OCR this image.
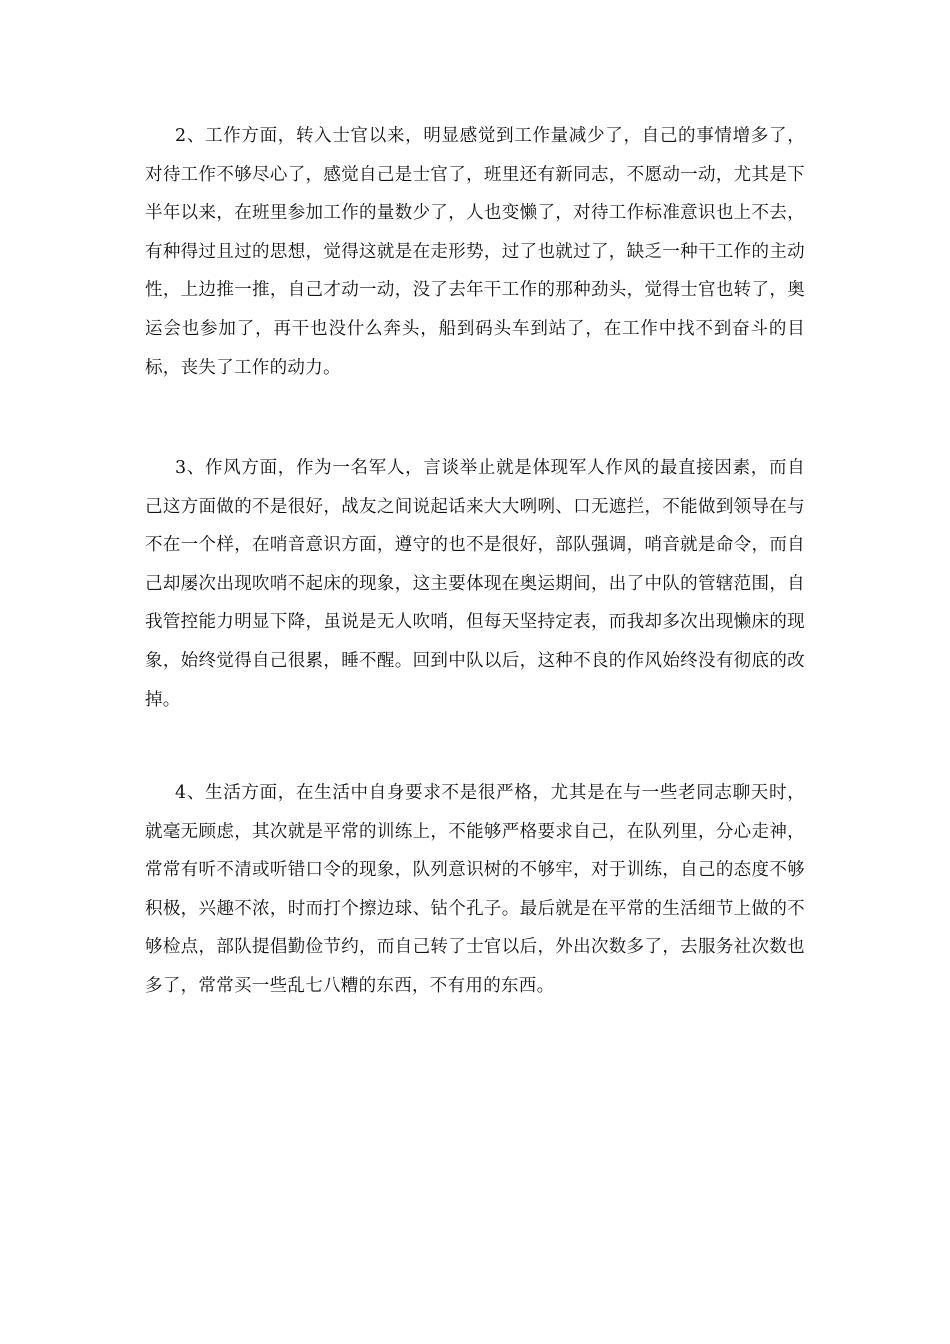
2、工作方面，转入士官以来，明显感觉到工作量减少了，自己的事情增多了，对待工作不够尽心了，感觉自己是士官了，班里还有新同志，不愿动一动，尤其是下半年以来，在班里参加工作的量数少了，人也变懒了，对待工作标准意识也上不去，有种得过且过的思想，觉得这就是在走形势，过了也就过了，缺乏一种干工作的主动性，上边推一推，自己才动一动，没了去年干工作的那种劲头，觉得士官也转了，奥运会也参加了，再干也没什么奔头，船到码头车到站了，在工作中找不到奋斗的目标，丧失了工作的动力。

3、作风方面，作为一名军人，言谈举止就是体现军人作风的最直接因素，而自己这方面做的不是很好，战友之间说起话来大大咧咧、口无遮拦，不能做到领导在与不在一个样，在哨音意识方面，遵守的也不是很好，部队强调，哨音就是命令，而自己却屡次出现吹哨不起床的现象，这主要体现在奥运期间，出了中队的管辖范围，自我管控能力明显下降，虽说是无人吹哨，但每天坚持定表，而我却多次出现懒床的现象，始终觉得自己很累，睡不醒。回到中队以后，这种不良的作风始终没有彻底的改掉。

4、生活方面，在生活中自身要求不是很严格，尤其是在与一些老同志聊天时，就毫无顾虑，其次就是平常的训练上，不能够严格要求自己，在队列里，分心走神，常常有听不清或听错口令的现象，队列意识树的不够牢，对于训练，自己的态度不够积极，兴趣不浓，时而打个擦边球、钻个孔子。最后就是在平常的生活细节上做的不够检点，部队提倡勤俭节约，而自己转了士官以后，外出次数多了，去服务社次数也多了，常常买一些乱七八糟的东西，不有用的东西。
